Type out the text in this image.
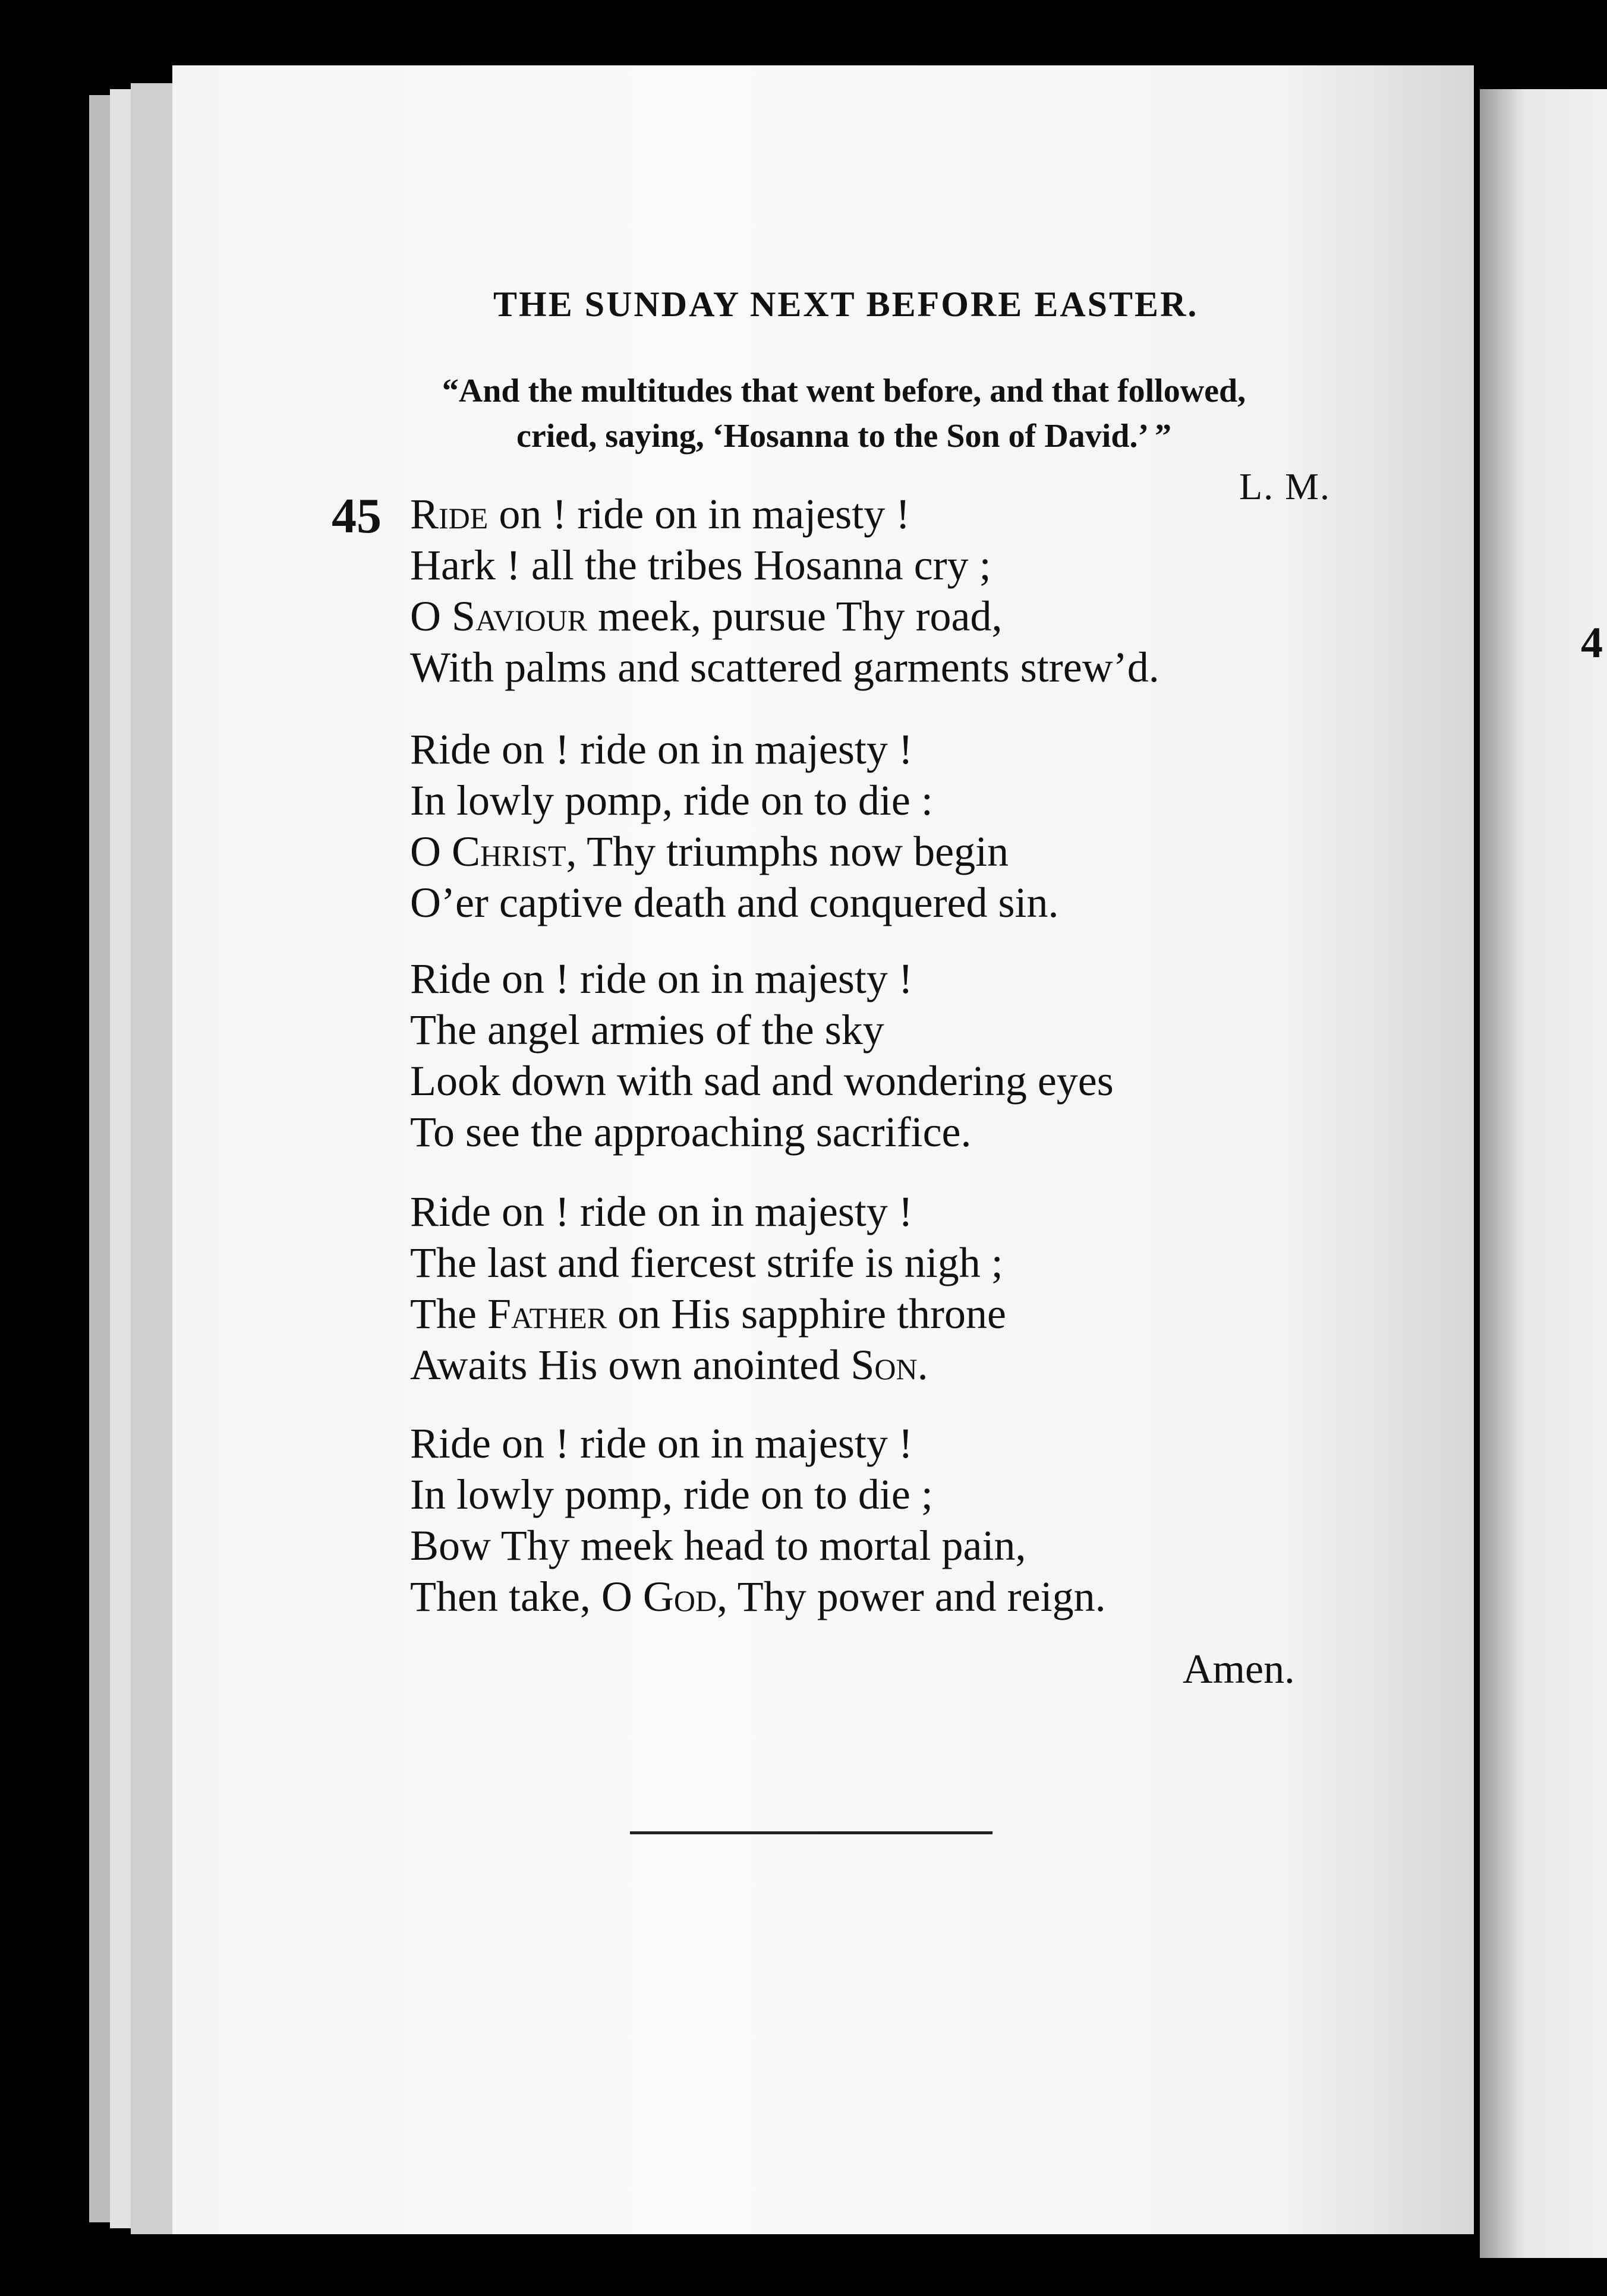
4
THE SUNDAY NEXT BEFORE EASTER.
“And the multitudes that went before, and that followed,
cried, saying, ‘Hosanna to the Son of David.’ ”
L. M.
45 Ride on ! ride on in majesty !
Hark ! all the tribes Hosanna cry ;
O Saviour meek, pursue Thy road,
With palms and scattered garments strew’d.
Ride on ! ride on in majesty !
In lowly pomp, ride on to die :
O Christ, Thy triumphs now begin
O’er captive death and conquered sin.
Ride on ! ride on in majesty !
The angel armies of the sky
Look down with sad and wondering eyes
To see the approaching sacrifice.
Ride on ! ride on in majesty !
The last and fiercest strife is nigh ;
The Father on His sapphire throne
Awaits His own anointed Son.
Ride on ! ride on in majesty !
In lowly pomp, ride on to die ;
Bow Thy meek head to mortal pain,
Then take, O God, Thy power and reign.
Amen.
